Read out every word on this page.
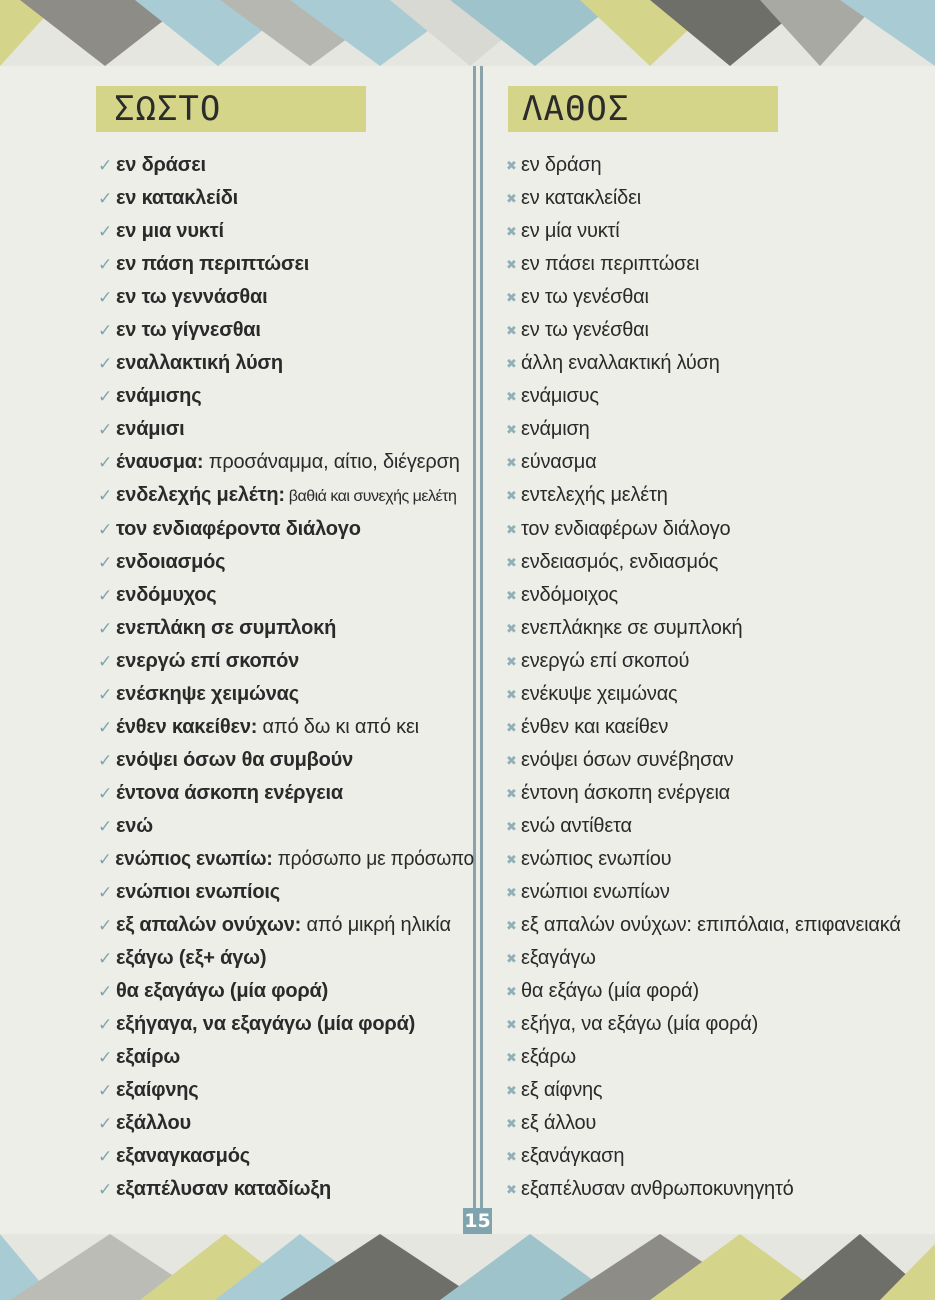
ΣΩΣΤΟ	ΛΑΘΟΣ
✓ εν δράσει
✓ εν κατακλείδι
✓ εν μια νυκτί
✓ εν πάση περιπτώσει
✓ εν τω γεννάσθαι
✓ εν τω γίγνεσθαι
✓ εναλλακτική λύση
✓ ενάμισης
✓ ενάμισι
✓ έναυσμα: προσάναμμα, αίτιο, διέγερση
✓ ενδελεχής μελέτη: βαθιά και συνεχής μελέτη
✓ τον ενδιαφέροντα διάλογο
✓ ενδοιασμός
✓ ενδόμυχος
✓ ενεπλάκη σε συμπλοκή
✓ ενεργώ επί σκοπόν
✓ ενέσκηψε χειμώνας
✓ ένθεν κακείθεν: από δω κι από κει
✓ ενόψει όσων θα συμβούν
✓ έντονα άσκοπη ενέργεια
✓ ενώ
✓ ενώπιος ενωπίω: πρόσωπο με πρόσωπο
✓ ενώπιοι ενωπίοις
✓ εξ απαλών ονύχων: από μικρή ηλικία
✓ εξάγω (εξ+ άγω)
✓ θα εξαγάγω (μία φορά)
✓ εξήγαγα, να εξαγάγω (μία φορά)
✓ εξαίρω
✓ εξαίφνης
✓ εξάλλου
✓ εξαναγκασμός
✓ εξαπέλυσαν καταδίωξη
✖ εν δράση
✖ εν κατακλείδει
✖ εν μία νυκτί
✖ εν πάσει περιπτώσει
✖ εν τω γενέσθαι
✖ εν τω γενέσθαι
✖ άλλη εναλλακτική λύση
✖ ενάμισυς
✖ ενάμιση
✖ εύνασμα
✖ εντελεχής μελέτη
✖ τον ενδιαφέρων διάλογο
✖ ενδειασμός, ενδιασμός
✖ ενδόμοιχος
✖ ενεπλάκηκε σε συμπλοκή
✖ ενεργώ επί σκοπού
✖ ενέκυψε χειμώνας
✖ ένθεν και καείθεν
✖ ενόψει όσων συνέβησαν
✖ έντονη άσκοπη ενέργεια
✖ ενώ αντίθετα
✖ ενώπιος ενωπίου
✖ ενώπιοι ενωπίων
✖ εξ απαλών ονύχων: επιπόλαια, επιφανειακά
✖ εξαγάγω
✖ θα εξάγω (μία φορά)
✖ εξήγα, να εξάγω (μία φορά)
✖ εξάρω
✖ εξ αίφνης
✖ εξ άλλου
✖ εξανάγκαση
✖ εξαπέλυσαν ανθρωποκυνηγητό
15
